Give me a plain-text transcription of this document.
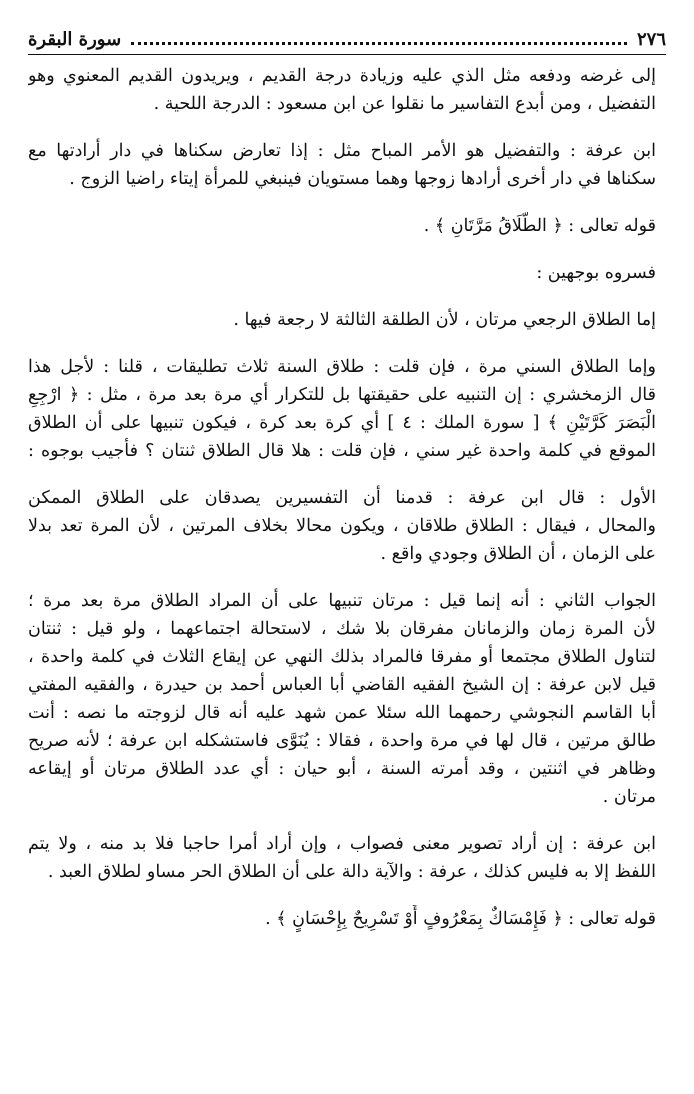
٢٧٦
سورة البقرة
إلى غرضه ودفعه مثل الذي عليه وزيادة درجة القديم ، ويريدون القديم المعنوي وهو
التفضيل ، ومن أبدع التفاسير ما نقلوا عن ابن مسعود : الدرجة اللحية .
ابن عرفة : والتفضيل هو الأمر المباح مثل : إذا تعارض سكناها في دار أرادتها مع
سكناها في دار أخرى أرادها زوجها وهما مستويان فينبغي للمرأة إيتاء راضيا الزوج .
قوله تعالى : ﴿ الطَّلَاقُ مَرَّتَانِ ﴾ .
فسروه بوجهين :
إما الطلاق الرجعي مرتان ، لأن الطلقة الثالثة لا رجعة فيها .
وإما الطلاق السني مرة ، فإن قلت : طلاق السنة ثلاث تطليقات ، قلنا : لأجل هذا
قال الزمخشري : إن التنبيه على حقيقتها بل للتكرار أي مرة بعد مرة ، مثل : ﴿ ارْجِعِ
الْبَصَرَ كَرَّتَيْنِ ﴾ [ سورة الملك : ٤ ] أي كرة بعد كرة ، فيكون تنبيها على أن الطلاق
الموقع في كلمة واحدة غير سني ، فإن قلت : هلا قال الطلاق ثنتان ؟ فأجيب بوجوه :
الأول : قال ابن عرفة : قدمنا أن التفسيرين يصدقان على الطلاق الممكن
والمحال ، فيقال : الطلاق طلاقان ، ويكون محالا بخلاف المرتين ، لأن المرة تعد بدلا
على الزمان ، أن الطلاق وجودي واقع .
الجواب الثاني : أنه إنما قيل : مرتان تنبيها على أن المراد الطلاق مرة بعد مرة ؛
لأن المرة زمان والزمانان مفرقان بلا شك ، لاستحالة اجتماعهما ، ولو قيل : ثنتان
لتناول الطلاق مجتمعا أو مفرقا فالمراد بذلك النهي عن إيقاع الثلاث في كلمة واحدة ،
قيل لابن عرفة : إن الشيخ الفقيه القاضي أبا العباس أحمد بن حيدرة ، والفقيه المفتي
أبا القاسم النجوشي رحمهما الله سئلا عمن شهد عليه أنه قال لزوجته ما نصه : أنت
طالق مرتين ، قال لها في مرة واحدة ، فقالا : يُنَوَّى فاستشكله ابن عرفة ؛ لأنه صريح
وظاهر في اثنتين ، وقد أمرته السنة ، أبو حيان : أي عدد الطلاق مرتان أو إيقاعه
مرتان .
ابن عرفة : إن أراد تصوير معنى فصواب ، وإن أراد أمرا حاجبا فلا بد منه ، ولا يتم
اللفظ إلا به فليس كذلك ، عرفة : والآية دالة على أن الطلاق الحر مساو لطلاق العبد .
قوله تعالى : ﴿ فَإِمْسَاكٌ بِمَعْرُوفٍ أَوْ تَسْرِيحٌ بِإِحْسَانٍ ﴾ .
